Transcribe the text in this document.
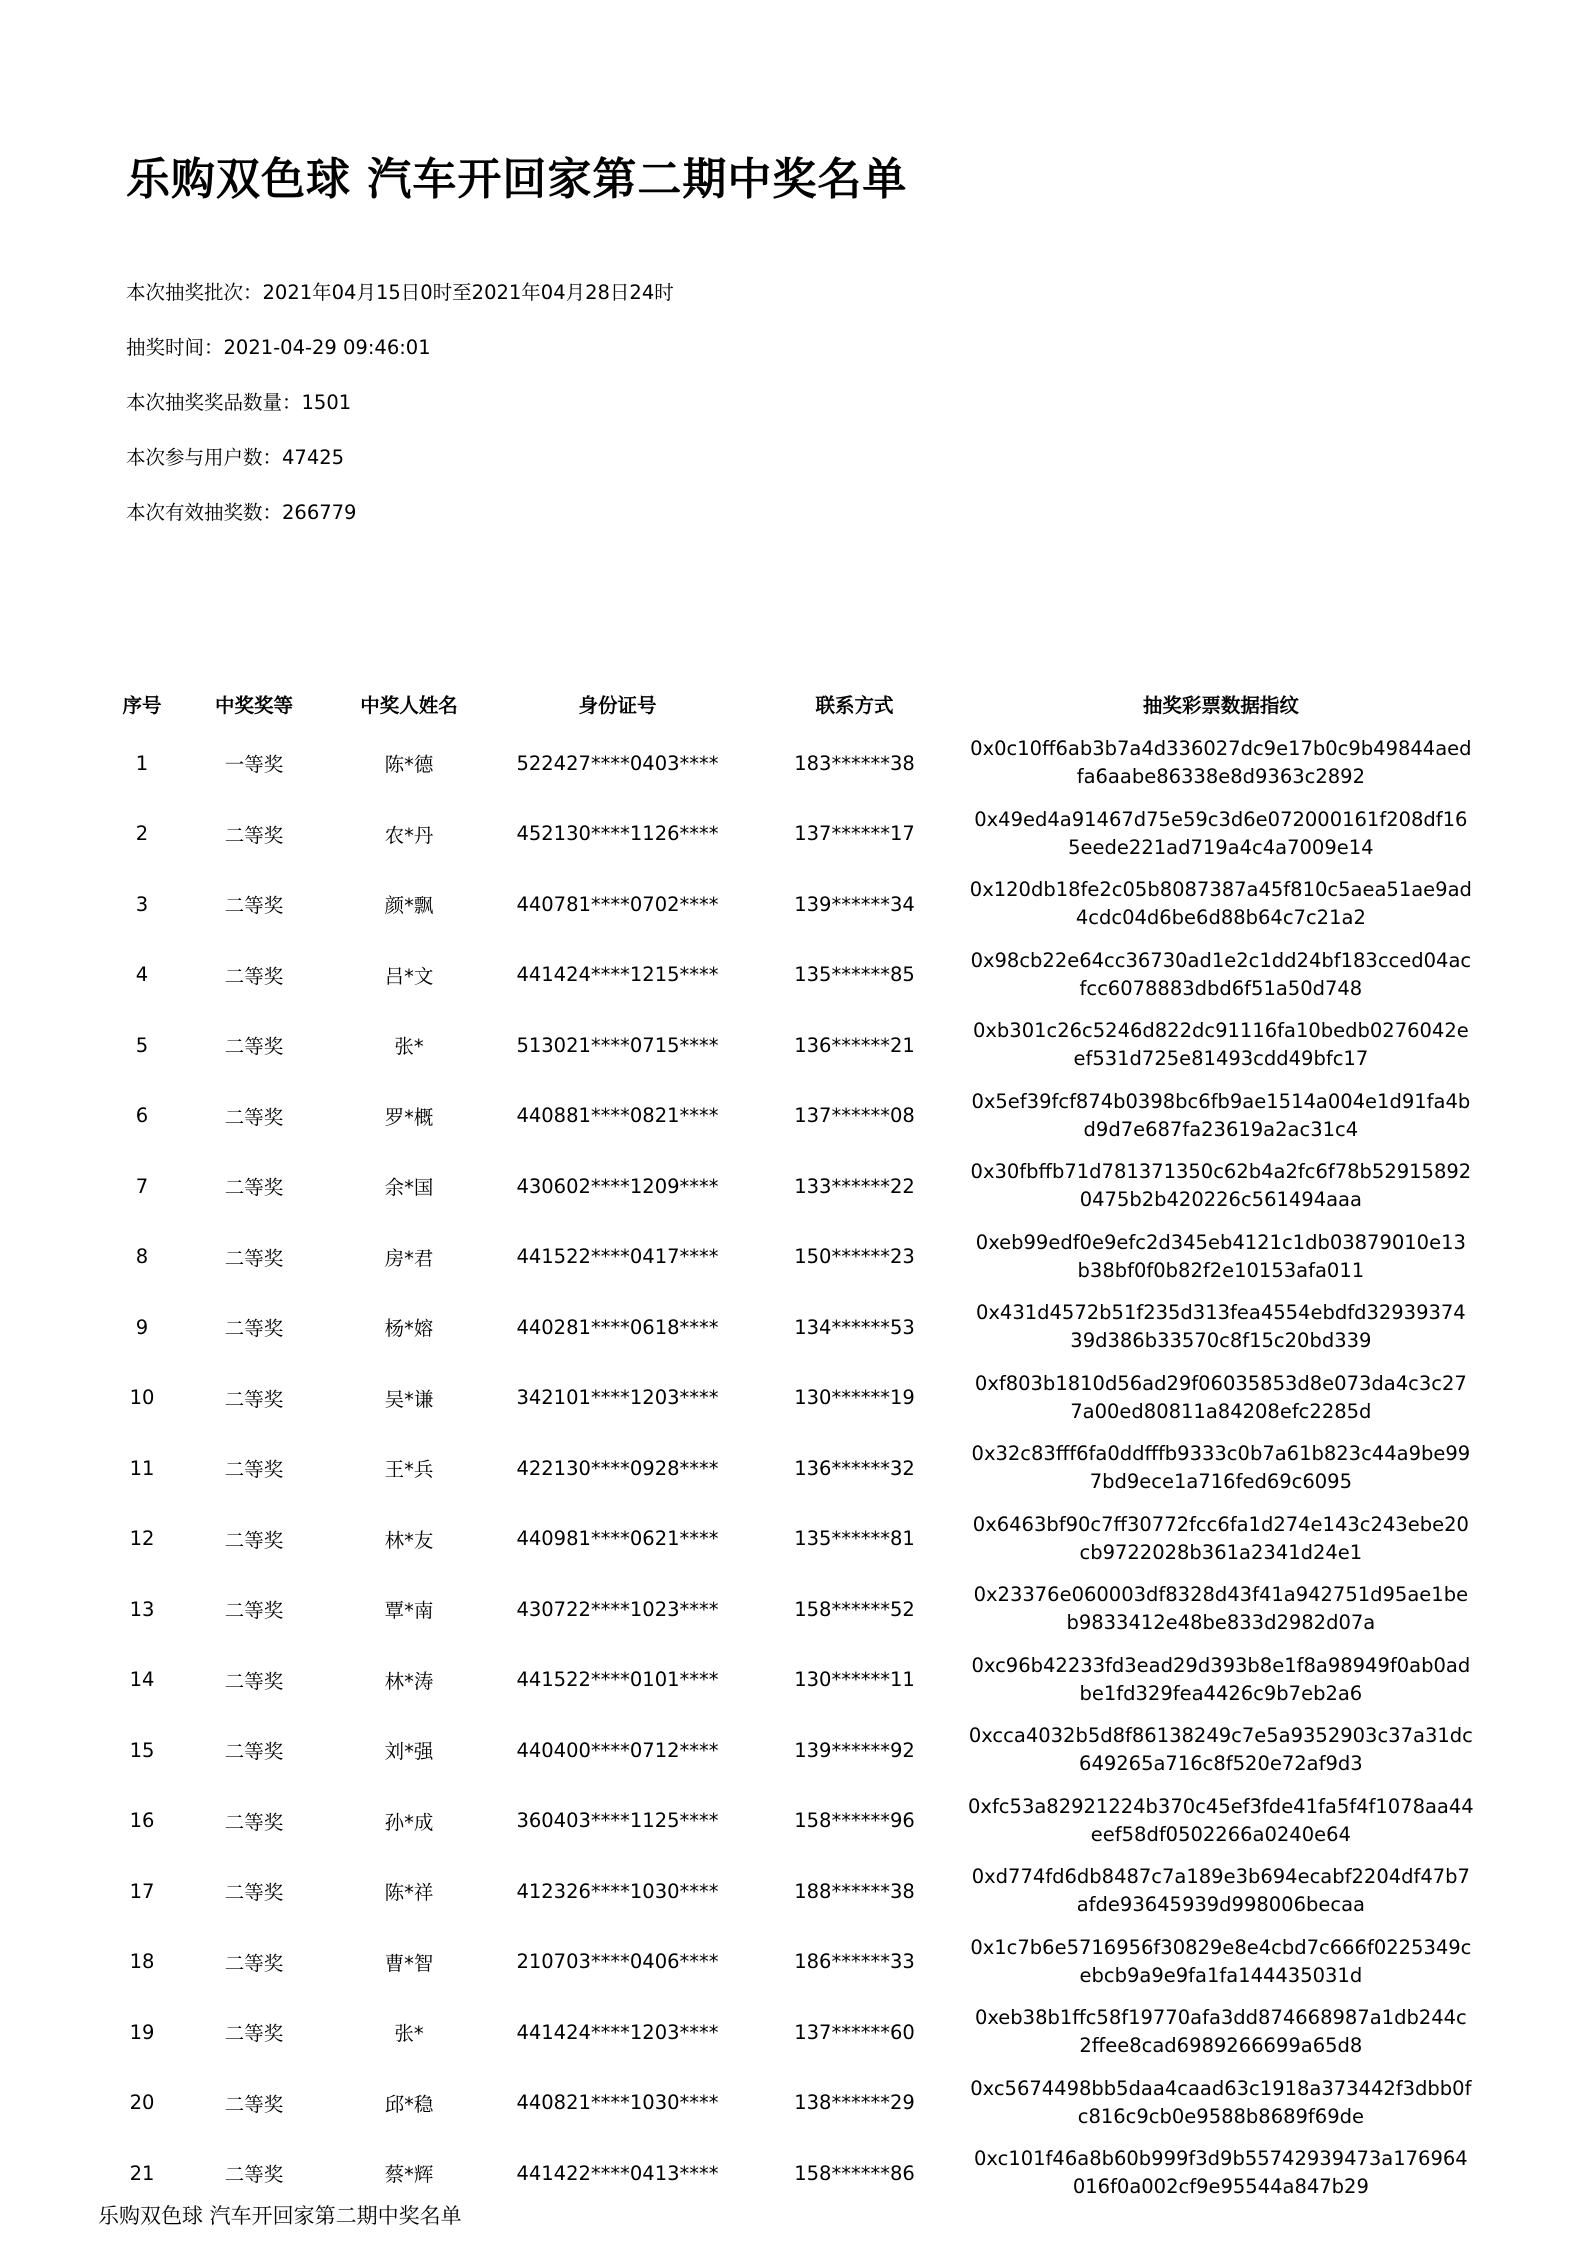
乐购双色球 汽车开回家第二期中奖名单
本次抽奖批次：2021年04月15日0时至2021年04月28日24时
抽奖时间：2021-04-29 09:46:01
本次抽奖奖品数量：1501
本次参与用户数：47425
本次有效抽奖数：266779
序号	中奖奖等	中奖人姓名	身份证号	联系方式	抽奖彩票数据指纹
1	一等奖	陈*德	522427****0403****	183******38	0x0c10ff6ab3b7a4d336027dc9e17b0c9b49844aed
fa6aabe86338e8d9363c2892

2	二等奖	农*丹	452130****1126****	137******17	0x49ed4a91467d75e59c3d6e072000161f208df16
5eede221ad719a4c4a7009e14

3	二等奖	颜*飘	440781****0702****	139******34	0x120db18fe2c05b8087387a45f810c5aea51ae9ad
4cdc04d6be6d88b64c7c21a2

4	二等奖	吕*文	441424****1215****	135******85	0x98cb22e64cc36730ad1e2c1dd24bf183cced04ac
fcc6078883dbd6f51a50d748

5	二等奖	张*	513021****0715****	136******21	0xb301c26c5246d822dc91116fa10bedb0276042e
ef531d725e81493cdd49bfc17

6	二等奖	罗*概	440881****0821****	137******08	0x5ef39fcf874b0398bc6fb9ae1514a004e1d91fa4b
d9d7e687fa23619a2ac31c4

7	二等奖	余*国	430602****1209****	133******22	0x30fbffb71d781371350c62b4a2fc6f78b52915892
0475b2b420226c561494aaa

8	二等奖	房*君	441522****0417****	150******23	0xeb99edf0e9efc2d345eb4121c1db03879010e13
b38bf0f0b82f2e10153afa011

9	二等奖	杨*嫆	440281****0618****	134******53	0x431d4572b51f235d313fea4554ebdfd32939374
39d386b33570c8f15c20bd339

10	二等奖	吴*谦	342101****1203****	130******19	0xf803b1810d56ad29f06035853d8e073da4c3c27
7a00ed80811a84208efc2285d

11	二等奖	王*兵	422130****0928****	136******32	0x32c83fff6fa0ddfffb9333c0b7a61b823c44a9be99
7bd9ece1a716fed69c6095

12	二等奖	林*友	440981****0621****	135******81	0x6463bf90c7ff30772fcc6fa1d274e143c243ebe20
cb9722028b361a2341d24e1

13	二等奖	覃*南	430722****1023****	158******52	0x23376e060003df8328d43f41a942751d95ae1be
b9833412e48be833d2982d07a

14	二等奖	林*涛	441522****0101****	130******11	0xc96b42233fd3ead29d393b8e1f8a98949f0ab0ad
be1fd329fea4426c9b7eb2a6

15	二等奖	刘*强	440400****0712****	139******92	0xcca4032b5d8f86138249c7e5a9352903c37a31dc
649265a716c8f520e72af9d3

16	二等奖	孙*成	360403****1125****	158******96	0xfc53a82921224b370c45ef3fde41fa5f4f1078aa44
eef58df0502266a0240e64

17	二等奖	陈*祥	412326****1030****	188******38	0xd774fd6db8487c7a189e3b694ecabf2204df47b7
afde93645939d998006becaa

18	二等奖	曹*智	210703****0406****	186******33	0x1c7b6e5716956f30829e8e4cbd7c666f0225349c
ebcb9a9e9fa1fa144435031d

19	二等奖	张*	441424****1203****	137******60	0xeb38b1ffc58f19770afa3dd874668987a1db244c
2ffee8cad6989266699a65d8

20	二等奖	邱*稳	440821****1030****	138******29	0xc5674498bb5daa4caad63c1918a373442f3dbb0f
c816c9cb0e9588b8689f69de

21	二等奖	蔡*辉	441422****0413****	158******86	0xc101f46a8b60b999f3d9b55742939473a176964
016f0a002cf9e95544a847b29
乐购双色球 汽车开回家第二期中奖名单
